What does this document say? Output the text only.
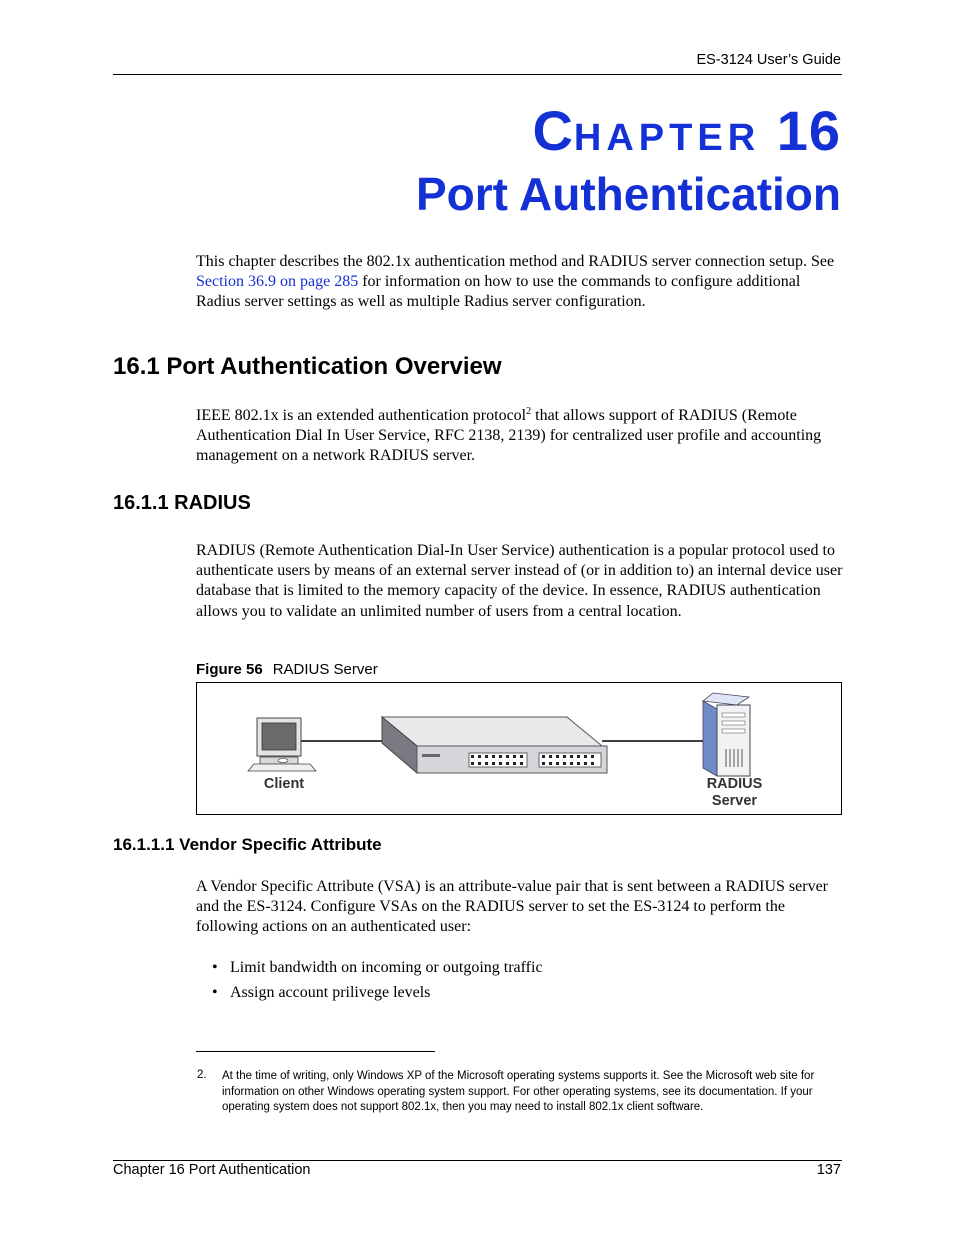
ES-3124 User’s Guide
CHAPTER 16
Port Authentication
This chapter describes the 802.1x authentication method and RADIUS server connection setup. See Section 36.9 on page 285 for information on how to use the commands to configure additional Radius server settings as well as multiple Radius server configuration.
16.1 Port Authentication Overview
IEEE 802.1x is an extended authentication protocol$^2$ that allows support of RADIUS (Remote Authentication Dial In User Service, RFC 2138, 2139) for centralized user profile and accounting management on a network RADIUS server.
16.1.1 RADIUS
RADIUS (Remote Authentication Dial-In User Service) authentication is a popular protocol used to authenticate users by means of an external server instead of (or in addition to) an internal device user database that is limited to the memory capacity of the device. In essence, RADIUS authentication allows you to validate an unlimited number of users from a central location.
Figure 56 RADIUS Server
Client	RADIUS
Server
16.1.1.1 Vendor Specific Attribute
A Vendor Specific Attribute (VSA) is an attribute-value pair that is sent between a RADIUS server and the ES-3124. Configure VSAs on the RADIUS server to set the ES-3124 to perform the following actions on an authenticated user:
• Limit bandwidth on incoming or outgoing traffic
• Assign account prilivege levels
2. At the time of writing, only Windows XP of the Microsoft operating systems supports it. See the Microsoft web site for information on other Windows operating system support. For other operating systems, see its documentation. If your operating system does not support 802.1x, then you may need to install 802.1x client software.
Chapter 16 Port Authentication	137
